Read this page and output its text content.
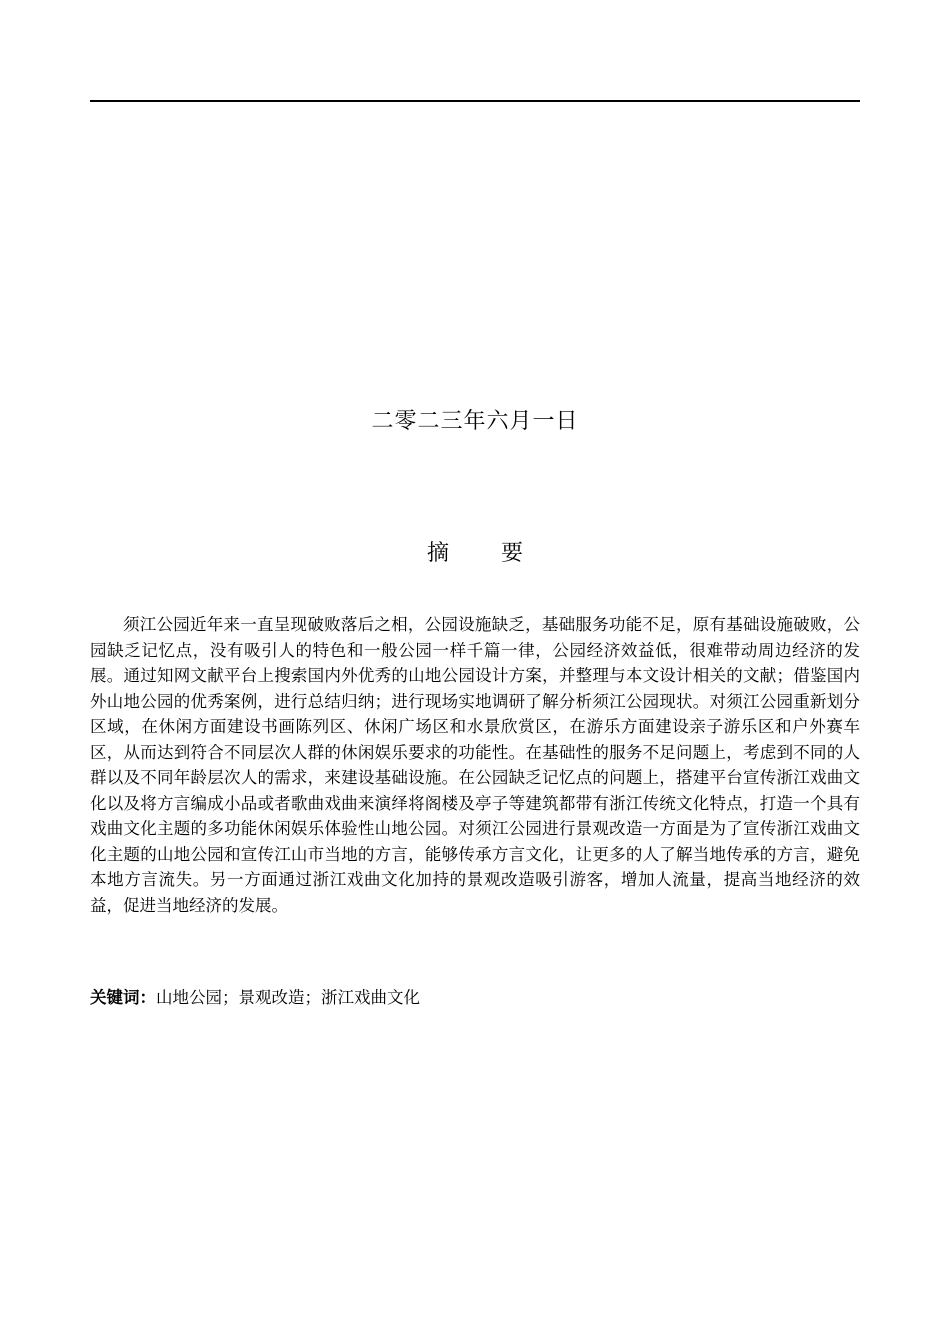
二零二三年六月一日
摘 要

须江公园近年来一直呈现破败落后之相，公园设施缺乏，基础服务功能不足，原有基础设施破败，公园缺乏记忆点，没有吸引人的特色和一般公园一样千篇一律，公园经济效益低，很难带动周边经济的发展。通过知网文献平台上搜索国内外优秀的山地公园设计方案，并整理与本文设计相关的文献；借鉴国内外山地公园的优秀案例，进行总结归纳；进行现场实地调研了解分析须江公园现状。对须江公园重新划分区域，在休闲方面建设书画陈列区、休闲广场区和水景欣赏区，在游乐方面建设亲子游乐区和户外赛车区，从而达到符合不同层次人群的休闲娱乐要求的功能性。在基础性的服务不足问题上，考虑到不同的人群以及不同年龄层次人的需求，来建设基础设施。在公园缺乏记忆点的问题上，搭建平台宣传浙江戏曲文化以及将方言编成小品或者歌曲戏曲来演绎将阁楼及亭子等建筑都带有浙江传统文化特点，打造一个具有戏曲文化主题的多功能休闲娱乐体验性山地公园。对须江公园进行景观改造一方面是为了宣传浙江戏曲文化主题的山地公园和宣传江山市当地的方言，能够传承方言文化，让更多的人了解当地传承的方言，避免本地方言流失。另一方面通过浙江戏曲文化加持的景观改造吸引游客，增加人流量，提高当地经济的效益，促进当地经济的发展。

关键词：山地公园；景观改造；浙江戏曲文化
